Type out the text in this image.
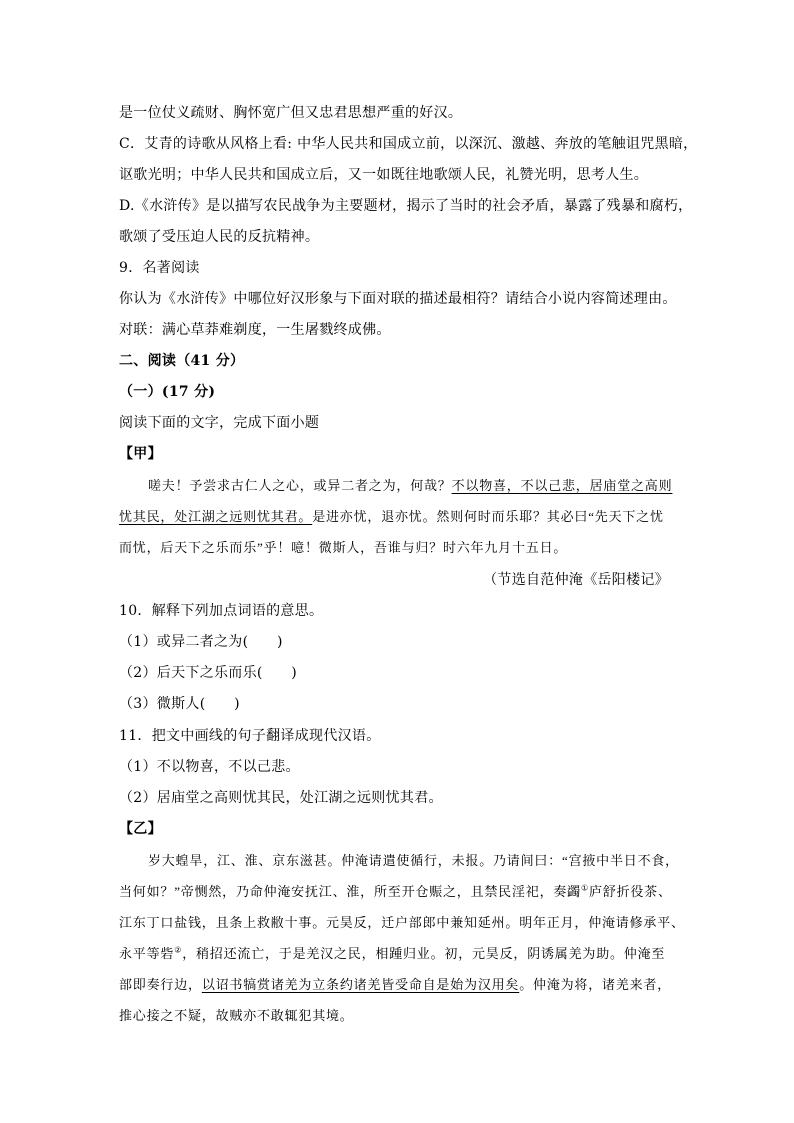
是一位仗义疏财、胸怀宽广但又忠君思想严重的好汉。
C．艾青的诗歌从风格上看: 中华人民共和国成立前，以深沉、激越、奔放的笔触诅咒黑暗，
讴歌光明；中华人民共和国成立后，又一如既往地歌颂人民，礼赞光明，思考人生。
D.《水浒传》是以描写农民战争为主要题材，揭示了当时的社会矛盾，暴露了残暴和腐朽，
歌颂了受压迫人民的反抗精神。
9．名著阅读
你认为《水浒传》中哪位好汉形象与下面对联的描述最相符？请结合小说内容简述理由。
对联：满心草莽难剃度，一生屠戮终成佛。
二、阅读（41 分）
（一）(17 分)
阅读下面的文字，完成下面小题
【甲】
嗟夫！予尝求古仁人之心，或异二者之为，何哉？不以物喜，不以己悲，居庙堂之高则
忧其民，处江湖之远则忧其君。是进亦忧，退亦忧。然则何时而乐耶？其必曰“先天下之忧
而忧，后天下之乐而乐”乎！噫！微斯人，吾谁与归？时六年九月十五日。
（节选自范仲淹《岳阳楼记》
10．解释下列加点词语的意思。
（1）或异二者之为(　　)
（2）后天下之乐而乐(　　)
（3）微斯人(　　)
11．把文中画线的句子翻译成现代汉语。
（1）不以物喜，不以己悲。
（2）居庙堂之高则忧其民，处江湖之远则忧其君。
【乙】
岁大蝗旱，江、淮、京东滋甚。仲淹请遣使循行，未报。乃请间曰：“宫掖中半日不食，
当何如？”帝恻然，乃命仲淹安抚江、淮，所至开仓赈之，且禁民淫祀，奏蠲①庐舒折役茶、
江东丁口盐钱，且条上救敝十事。元昊反，迁户部郎中兼知延州。明年正月，仲淹请修承平、
永平等砦②，稍招还流亡，于是羌汉之民，相踵归业。初，元昊反，阴诱属羌为助。仲淹至
部即奏行边，以诏书犒赏诸羌为立条约诸羌皆受命自是始为汉用矣。仲淹为将，诸羌来者，
推心接之不疑，故贼亦不敢辄犯其境。
